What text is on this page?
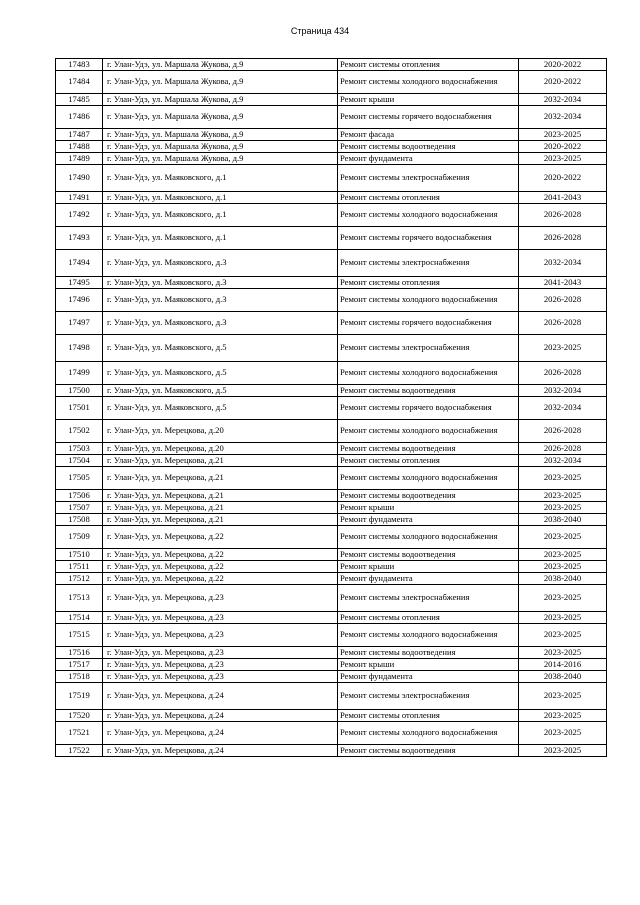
Страница 434
17483	г. Улан-Удэ, ул. Маршала Жукова, д.9	Ремонт системы отопления	2020-2022
17484	г. Улан-Удэ, ул. Маршала Жукова, д.9	Ремонт системы холодного водоснабжения	2020-2022
17485	г. Улан-Удэ, ул. Маршала Жукова, д.9	Ремонт крыши	2032-2034
17486	г. Улан-Удэ, ул. Маршала Жукова, д.9	Ремонт системы горячего водоснабжения	2032-2034
17487	г. Улан-Удэ, ул. Маршала Жукова, д.9	Ремонт фасада	2023-2025
17488	г. Улан-Удэ, ул. Маршала Жукова, д.9	Ремонт системы водоотведения	2020-2022
17489	г. Улан-Удэ, ул. Маршала Жукова, д.9	Ремонт фундамента	2023-2025
17490	г. Улан-Удэ, ул. Маяковского, д.1	Ремонт системы электроснабжения	2020-2022
17491	г. Улан-Удэ, ул. Маяковского, д.1	Ремонт системы отопления	2041-2043
17492	г. Улан-Удэ, ул. Маяковского, д.1	Ремонт системы холодного водоснабжения	2026-2028
17493	г. Улан-Удэ, ул. Маяковского, д.1	Ремонт системы горячего водоснабжения	2026-2028
17494	г. Улан-Удэ, ул. Маяковского, д.3	Ремонт системы электроснабжения	2032-2034
17495	г. Улан-Удэ, ул. Маяковского, д.3	Ремонт системы отопления	2041-2043
17496	г. Улан-Удэ, ул. Маяковского, д.3	Ремонт системы холодного водоснабжения	2026-2028
17497	г. Улан-Удэ, ул. Маяковского, д.3	Ремонт системы горячего водоснабжения	2026-2028
17498	г. Улан-Удэ, ул. Маяковского, д.5	Ремонт системы электроснабжения	2023-2025
17499	г. Улан-Удэ, ул. Маяковского, д.5	Ремонт системы холодного водоснабжения	2026-2028
17500	г. Улан-Удэ, ул. Маяковского, д.5	Ремонт системы водоотведения	2032-2034
17501	г. Улан-Удэ, ул. Маяковского, д.5	Ремонт системы горячего водоснабжения	2032-2034
17502	г. Улан-Удэ, ул. Мерецкова, д.20	Ремонт системы холодного водоснабжения	2026-2028
17503	г. Улан-Удэ, ул. Мерецкова, д.20	Ремонт системы водоотведения	2026-2028
17504	г. Улан-Удэ, ул. Мерецкова, д.21	Ремонт системы отопления	2032-2034
17505	г. Улан-Удэ, ул. Мерецкова, д.21	Ремонт системы холодного водоснабжения	2023-2025
17506	г. Улан-Удэ, ул. Мерецкова, д.21	Ремонт системы водоотведения	2023-2025
17507	г. Улан-Удэ, ул. Мерецкова, д.21	Ремонт крыши	2023-2025
17508	г. Улан-Удэ, ул. Мерецкова, д.21	Ремонт фундамента	2038-2040
17509	г. Улан-Удэ, ул. Мерецкова, д.22	Ремонт системы холодного водоснабжения	2023-2025
17510	г. Улан-Удэ, ул. Мерецкова, д.22	Ремонт системы водоотведения	2023-2025
17511	г. Улан-Удэ, ул. Мерецкова, д.22	Ремонт крыши	2023-2025
17512	г. Улан-Удэ, ул. Мерецкова, д.22	Ремонт фундамента	2038-2040
17513	г. Улан-Удэ, ул. Мерецкова, д.23	Ремонт системы электроснабжения	2023-2025
17514	г. Улан-Удэ, ул. Мерецкова, д.23	Ремонт системы отопления	2023-2025
17515	г. Улан-Удэ, ул. Мерецкова, д.23	Ремонт системы холодного водоснабжения	2023-2025
17516	г. Улан-Удэ, ул. Мерецкова, д.23	Ремонт системы водоотведения	2023-2025
17517	г. Улан-Удэ, ул. Мерецкова, д.23	Ремонт крыши	2014-2016
17518	г. Улан-Удэ, ул. Мерецкова, д.23	Ремонт фундамента	2038-2040
17519	г. Улан-Удэ, ул. Мерецкова, д.24	Ремонт системы электроснабжения	2023-2025
17520	г. Улан-Удэ, ул. Мерецкова, д.24	Ремонт системы отопления	2023-2025
17521	г. Улан-Удэ, ул. Мерецкова, д.24	Ремонт системы холодного водоснабжения	2023-2025
17522	г. Улан-Удэ, ул. Мерецкова, д.24	Ремонт системы водоотведения	2023-2025
